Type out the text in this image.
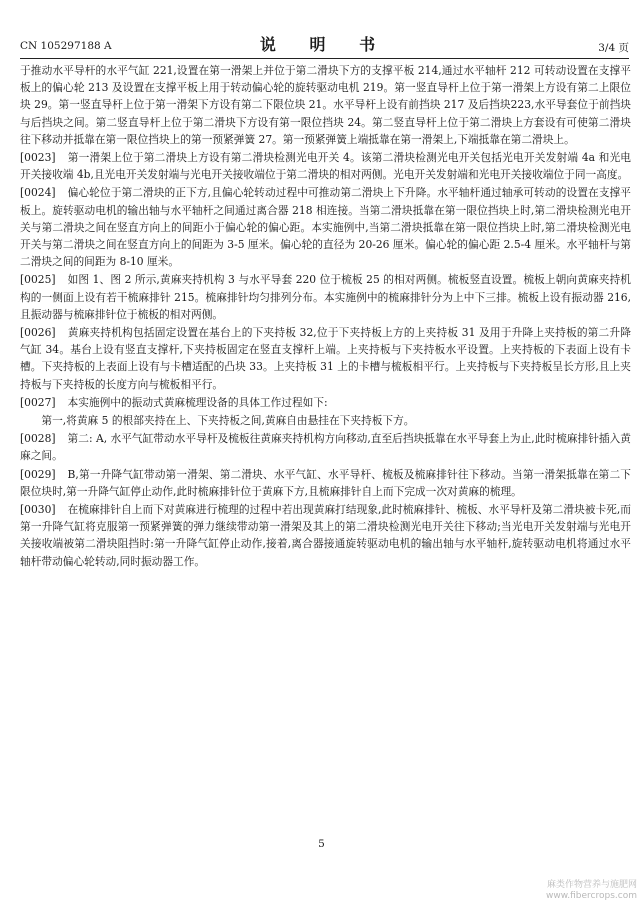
CN 105297188 A	说 明 书	3/4 页

于推动水平导杆的水平气缸 221,设置在第一滑架上并位于第二滑块下方的支撑平板 214,通过水平轴杆 212 可转动设置在支撑平板上的偏心轮 213 及设置在支撑平板上用于转动偏心轮的旋转驱动电机 219。第一竖直导杆上位于第一滑架上方设有第二上限位块 29。第一竖直导杆上位于第一滑架下方设有第二下限位块 21。水平导杆上设有前挡块 217 及后挡块223,水平导套位于前挡块与后挡块之间。第二竖直导杆上位于第二滑块下方设有第一限位挡块 24。第二竖直导杆上位于第二滑块上方套设有可使第二滑块往下移动并抵靠在第一限位挡块上的第一预紧弹簧 27。第一预紧弹簧上端抵靠在第一滑架上,下端抵靠在第二滑块上。

[0023] 第一滑架上位于第二滑块上方设有第二滑块检测光电开关 4。该第二滑块检测光电开关包括光电开关发射端 4a 和光电开关接收端 4b,且光电开关发射端与光电开关接收端位于第二滑块的相对两侧。光电开关发射端和光电开关接收端位于同一高度。

[0024] 偏心轮位于第二滑块的正下方,且偏心轮转动过程中可推动第二滑块上下升降。水平轴杆通过轴承可转动的设置在支撑平板上。旋转驱动电机的输出轴与水平轴杆之间通过离合器 218 相连接。当第二滑块抵靠在第一限位挡块上时,第二滑块检测光电开关与第二滑块之间在竖直方向上的间距小于偏心轮的偏心距。本实施例中,当第二滑块抵靠在第一限位挡块上时,第二滑块检测光电开关与第二滑块之间在竖直方向上的间距为 3-5 厘米。偏心轮的直径为 20-26 厘米。偏心轮的偏心距 2.5-4 厘米。水平轴杆与第二滑块之间的间距为 8-10 厘米。

[0025] 如图 1、图 2 所示,黄麻夹持机构 3 与水平导套 220 位于梳板 25 的相对两侧。梳板竖直设置。梳板上朝向黄麻夹持机构的一侧面上设有若干梳麻排针 215。梳麻排针均匀排列分布。本实施例中的梳麻排针分为上中下三排。梳板上设有振动器 216,且振动器与梳麻排针位于梳板的相对两侧。

[0026] 黄麻夹持机构包括固定设置在基台上的下夹持板 32,位于下夹持板上方的上夹持板 31 及用于升降上夹持板的第二升降气缸 34。基台上设有竖直支撑杆,下夹持板固定在竖直支撑杆上端。上夹持板与下夹持板水平设置。上夹持板的下表面上设有卡槽。下夹持板的上表面上设有与卡槽适配的凸块 33。上夹持板 31 上的卡槽与梳板相平行。上夹持板与下夹持板呈长方形,且上夹持板与下夹持板的长度方向与梳板相平行。

[0027] 本实施例中的振动式黄麻梳理设备的具体工作过程如下:

第一,将黄麻 5 的根部夹持在上、下夹持板之间,黄麻自由悬挂在下夹持板下方。

[0028] 第二: A, 水平气缸带动水平导杆及梳板往黄麻夹持机构方向移动,直至后挡块抵靠在水平导套上为止,此时梳麻排针插入黄麻之间。

[0029] B,第一升降气缸带动第一滑架、第二滑块、水平气缸、水平导杆、梳板及梳麻排针往下移动。当第一滑架抵靠在第二下限位块时,第一升降气缸停止动作,此时梳麻排针位于黄麻下方,且梳麻排针自上而下完成一次对黄麻的梳理。

[0030] 在梳麻排针自上而下对黄麻进行梳理的过程中若出现黄麻打结现象,此时梳麻排针、梳板、水平导杆及第二滑块被卡死,而第一升降气缸将克服第一预紧弹簧的弹力继续带动第一滑架及其上的第二滑块检测光电开关往下移动;当光电开关发射端与光电开关接收端被第二滑块阻挡时:第一升降气缸停止动作,接着,离合器接通旋转驱动电机的输出轴与水平轴杆,旋转驱动电机将通过水平轴杆带动偏心轮转动,同时振动器工作。

5
麻类作物营养与施肥网
www.fibercrops.com
